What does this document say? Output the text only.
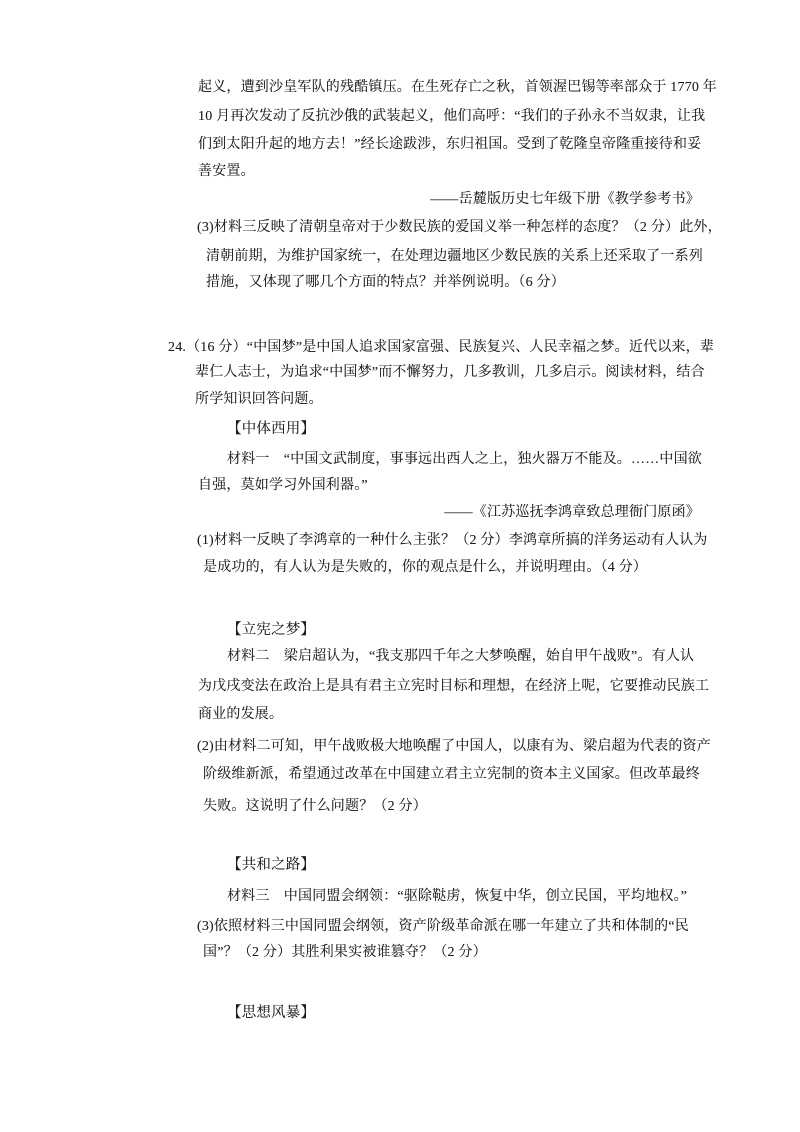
起义，遭到沙皇军队的残酷镇压。在生死存亡之秋，首领渥巴锡等率部众于 1770 年
10 月再次发动了反抗沙俄的武装起义，他们高呼：“我们的子孙永不当奴隶，让我
们到太阳升起的地方去！”经长途跋涉，东归祖国。受到了乾隆皇帝隆重接待和妥
善安置。
——岳麓版历史七年级下册《教学参考书》
(3)材料三反映了清朝皇帝对于少数民族的爱国义举一种怎样的态度？（2 分）此外，
清朝前期，为维护国家统一，在处理边疆地区少数民族的关系上还采取了一系列
措施，又体现了哪几个方面的特点？并举例说明。（6 分）
24.（16 分）“中国梦”是中国人追求国家富强、民族复兴、人民幸福之梦。近代以来，辈
辈仁人志士，为追求“中国梦”而不懈努力，几多教训，几多启示。阅读材料，结合
所学知识回答问题。
【中体西用】
材料一　“中国文武制度，事事远出西人之上，独火器万不能及。……中国欲
自强，莫如学习外国利器。”
——《江苏巡抚李鸿章致总理衙门原函》
(1)材料一反映了李鸿章的一种什么主张？（2 分）李鸿章所搞的洋务运动有人认为
是成功的，有人认为是失败的，你的观点是什么，并说明理由。（4 分）
【立宪之梦】
材料二　梁启超认为，“我支那四千年之大梦唤醒，始自甲午战败”。有人认
为戊戌变法在政治上是具有君主立宪时目标和理想，在经济上呢，它要推动民族工
商业的发展。
(2)由材料二可知，甲午战败极大地唤醒了中国人，以康有为、梁启超为代表的资产
阶级维新派，希望通过改革在中国建立君主立宪制的资本主义国家。但改革最终
失败。这说明了什么问题？（2 分）
【共和之路】
材料三　中国同盟会纲领：“驱除鞑虏，恢复中华，创立民国，平均地权。”
(3)依照材料三中国同盟会纲领，资产阶级革命派在哪一年建立了共和体制的“民
国”？（2 分）其胜利果实被谁篡夺？（2 分）
【思想风暴】
